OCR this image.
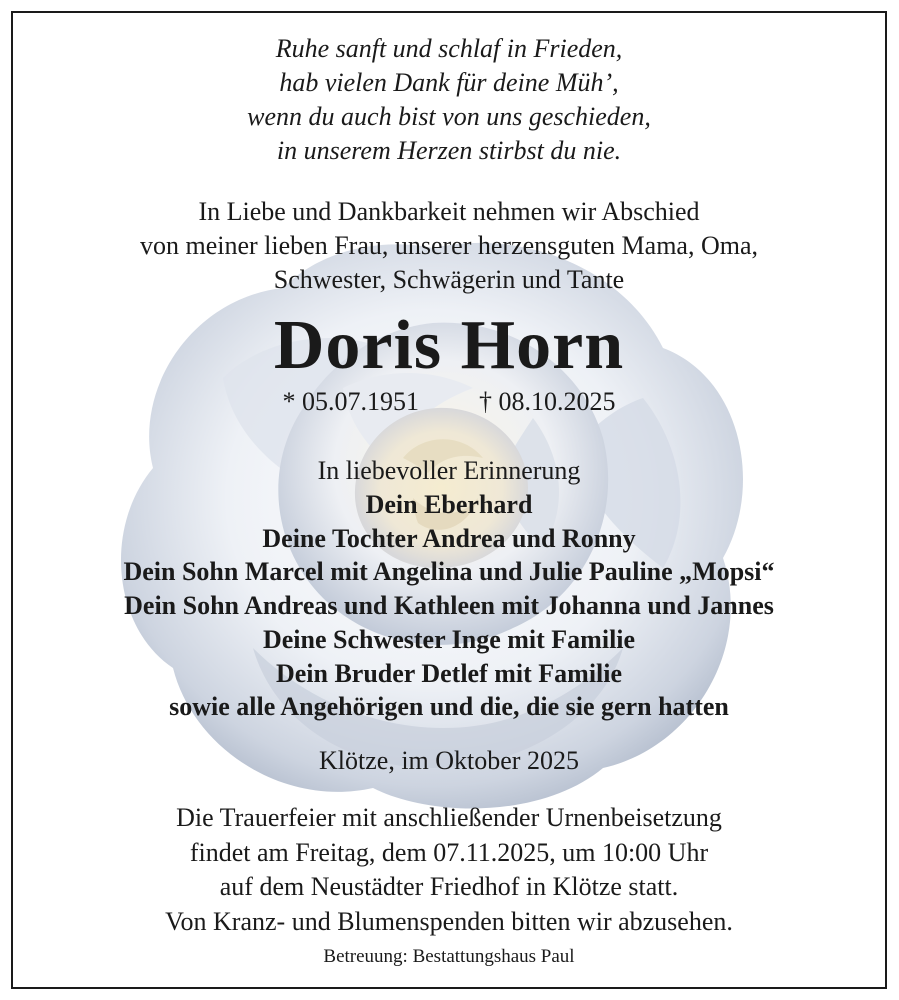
Ruhe sanft und schlaf in Frieden,
hab vielen Dank für deine Müh’,
wenn du auch bist von uns geschieden,
in unserem Herzen stirbst du nie.
In Liebe und Dankbarkeit nehmen wir Abschied
von meiner lieben Frau, unserer herzensguten Mama, Oma,
Schwester, Schwägerin und Tante
Doris Horn
* 05.07.1951 † 08.10.2025
In liebevoller Erinnerung
Dein Eberhard
Deine Tochter Andrea und Ronny
Dein Sohn Marcel mit Angelina und Julie Pauline „Mopsi“
Dein Sohn Andreas und Kathleen mit Johanna und Jannes
Deine Schwester Inge mit Familie
Dein Bruder Detlef mit Familie
sowie alle Angehörigen und die, die sie gern hatten
Klötze, im Oktober 2025
Die Trauerfeier mit anschließender Urnenbeisetzung
findet am Freitag, dem 07.11.2025, um 10:00 Uhr
auf dem Neustädter Friedhof in Klötze statt.
Von Kranz- und Blumenspenden bitten wir abzusehen.
Betreuung: Bestattungshaus Paul
